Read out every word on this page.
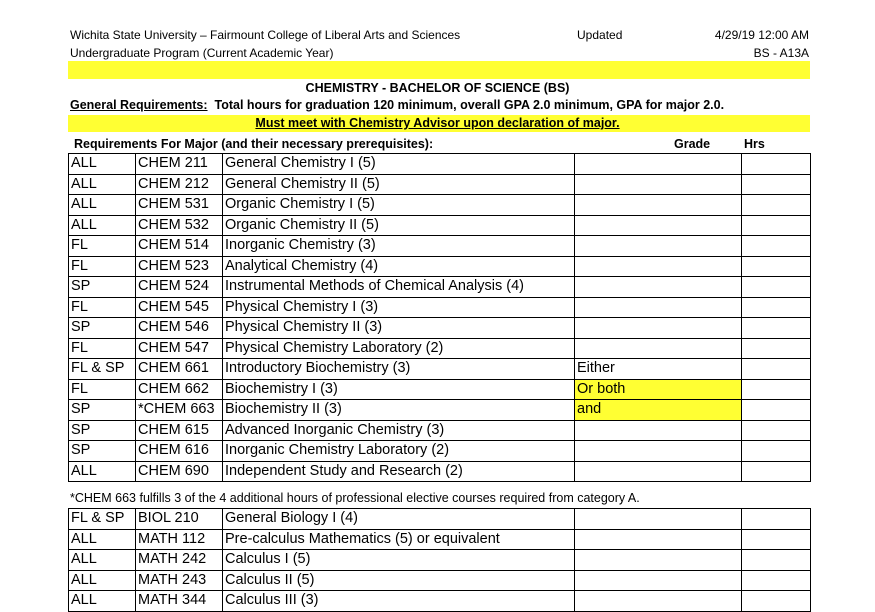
Wichita State University – Fairmount College of Liberal Arts and Sciences
Undergraduate Program (Current Academic Year)
Updated	4/29/19 12:00 AM
BS - A13A
CHEMISTRY - BACHELOR OF SCIENCE (BS)
General Requirements:  Total hours for graduation 120 minimum, overall GPA 2.0 minimum, GPA for major 2.0.
Must meet with Chemistry Advisor upon declaration of major.
Requirements For Major (and their necessary prerequisites):	Grade	Hrs
ALL	CHEM 211	General Chemistry I (5)		
ALL	CHEM 212	General Chemistry II (5)		
ALL	CHEM 531	Organic Chemistry I (5)		
ALL	CHEM 532	Organic Chemistry II (5)		
FL	CHEM 514	Inorganic Chemistry (3)		
FL	CHEM 523	Analytical Chemistry (4)		
SP	CHEM 524	Instrumental Methods of Chemical Analysis (4)		
FL	CHEM 545	Physical Chemistry I (3)		
SP	CHEM 546	Physical Chemistry II (3)		
FL	CHEM 547	Physical Chemistry Laboratory (2)		
FL & SP	CHEM 661	Introductory Biochemistry (3)	Either	
FL	CHEM 662	Biochemistry I (3)	Or both	
SP	*CHEM 663	Biochemistry II (3)	and	
SP	CHEM 615	Advanced Inorganic Chemistry (3)		
SP	CHEM 616	Inorganic Chemistry Laboratory (2)		
ALL	CHEM 690	Independent Study and Research (2)		
*CHEM 663 fulfills 3 of the 4 additional hours of professional elective courses required from category A.
FL & SP	BIOL 210	General Biology I (4)		
ALL	MATH 112	Pre-calculus Mathematics (5) or equivalent		
ALL	MATH 242	Calculus I (5)		
ALL	MATH 243	Calculus II (5)		
ALL	MATH 344	Calculus III (3)		
